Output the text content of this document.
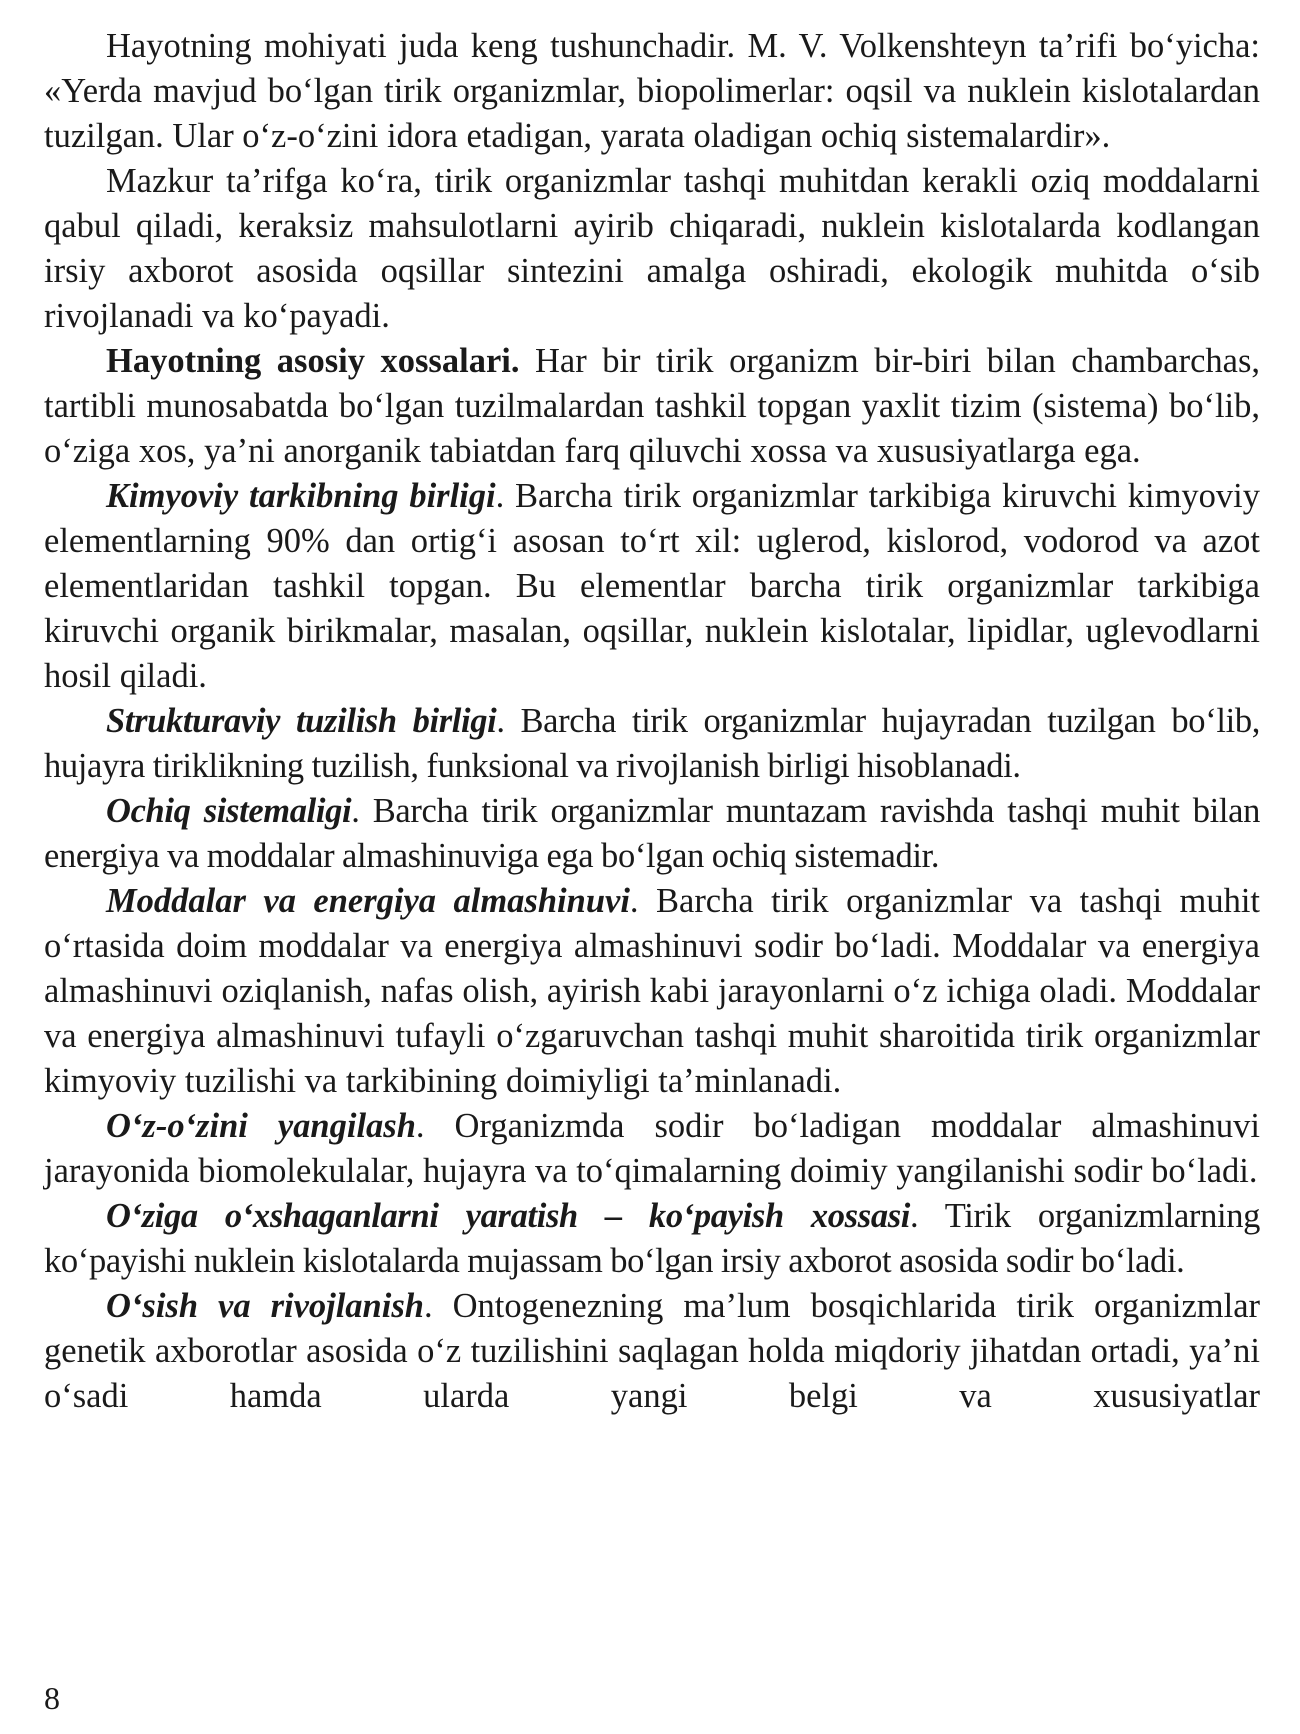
Hayotning mohiyati juda keng tushunchadir. M. V. Volkenshteyn ta’rifi bo‘yicha: «Yerda mavjud bo‘lgan tirik organizmlar, biopolimerlar: oqsil va nuklein kislotalardan tuzilgan. Ular o‘z-o‘zini idora etadigan, yarata oladigan ochiq sistemalardir».

Mazkur ta’rifga ko‘ra, tirik organizmlar tashqi muhitdan kerakli oziq moddalarni qabul qiladi, keraksiz mahsulotlarni ayirib chiqaradi, nuklein kislotalarda kodlangan irsiy axborot asosida oqsillar sintezini amalga oshiradi, ekologik muhitda o‘sib rivojlanadi va ko‘payadi.

Hayotning asosiy xossalari. Har bir tirik organizm bir-biri bilan chambarchas, tartibli munosabatda bo‘lgan tuzilmalardan tashkil topgan yaxlit tizim (sistema) bo‘lib, o‘ziga xos, ya’ni anorganik tabiatdan farq qiluvchi xossa va xususiyatlarga ega.

Kimyoviy tarkibning birligi. Barcha tirik organizmlar tarkibiga kiruvchi kimyoviy elementlarning 90% dan ortig‘i asosan to‘rt xil: uglerod, kislorod, vodorod va azot elementlaridan tashkil topgan. Bu elementlar barcha tirik organizmlar tarkibiga kiruvchi organik birikmalar, masalan, oqsillar, nuklein kislotalar, lipidlar, uglevodlarni hosil qiladi.

Strukturaviy tuzilish birligi. Barcha tirik organizmlar hujayradan tuzilgan bo‘lib, hujayra tiriklikning tuzilish, funksional va rivojlanish birligi hisoblanadi.

Ochiq sistemaligi. Barcha tirik organizmlar muntazam ravishda tashqi muhit bilan energiya va moddalar almashinuviga ega bo‘lgan ochiq sistemadir.

Moddalar va energiya almashinuvi. Barcha tirik organizmlar va tashqi muhit o‘rtasida doim moddalar va energiya almashinuvi sodir bo‘ladi. Moddalar va energiya almashinuvi oziqlanish, nafas olish, ayirish kabi jarayonlarni o‘z ichiga oladi. Moddalar va energiya almashinuvi tufayli o‘zgaruvchan tashqi muhit sharoitida tirik organizmlar kimyoviy tuzilishi va tarkibining doimiyligi ta’minlanadi.

O‘z-o‘zini yangilash. Organizmda sodir bo‘ladigan moddalar almashinuvi jarayonida biomolekulalar, hujayra va to‘qimalarning doimiy yangilanishi sodir bo‘ladi.

O‘ziga o‘xshaganlarni yaratish – ko‘payish xossasi. Tirik organizmlarning ko‘payishi nuklein kislotalarda mujassam bo‘lgan irsiy axborot asosida sodir bo‘ladi.

O‘sish va rivojlanish. Ontogenezning ma’lum bosqichlarida tirik organizmlar genetik axborotlar asosida o‘z tuzilishini saqlagan holda miqdoriy jihatdan ortadi, ya’ni o‘sadi hamda ularda yangi belgi va xususiyatlar

8
